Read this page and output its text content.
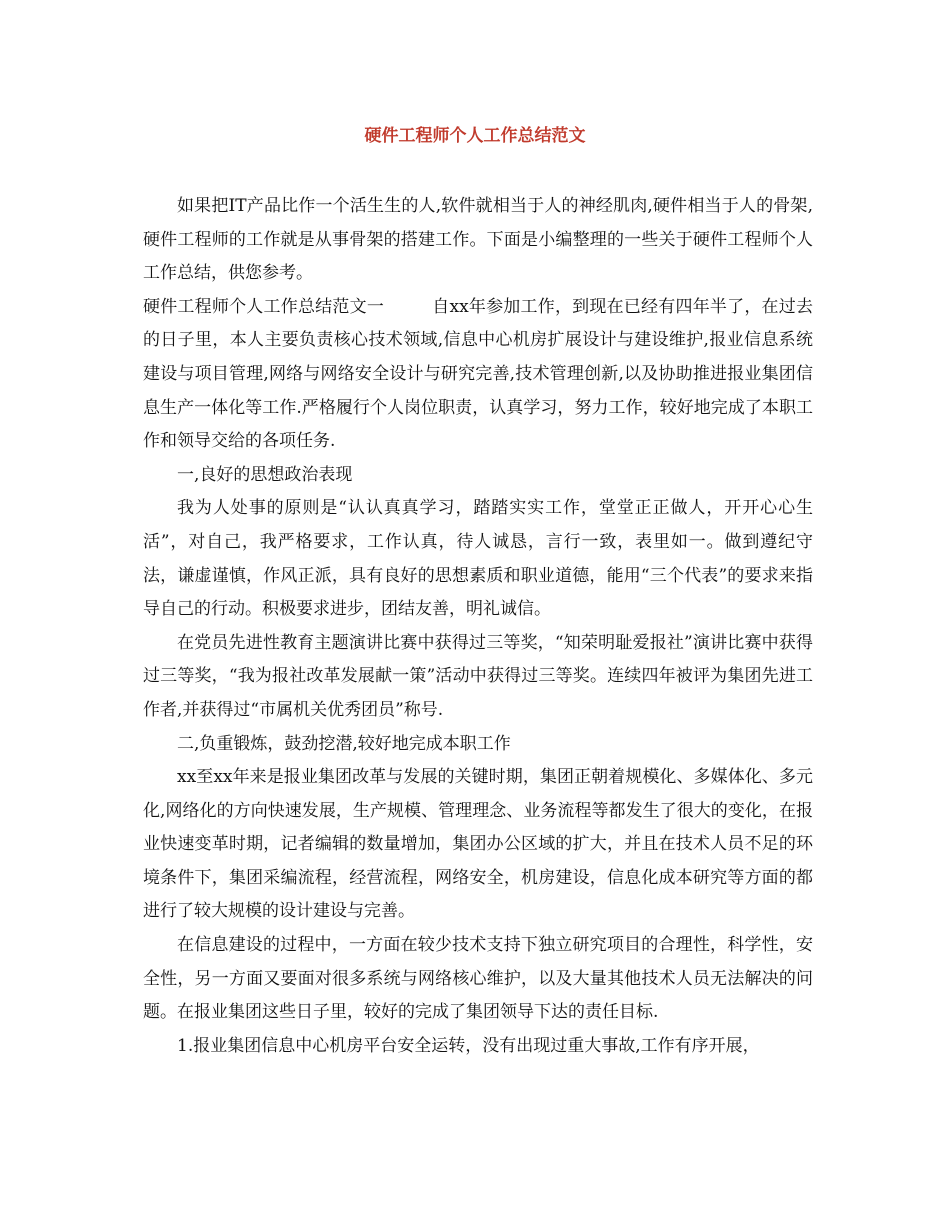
硬件工程师个人工作总结范文

如果把IT产品比作一个活生生的人,软件就相当于人的神经肌肉,硬件相当于人的骨架,硬件工程师的工作就是从事骨架的搭建工作。下面是小编整理的一些关于硬件工程师个人工作总结，供您参考。

硬件工程师个人工作总结范文一	自xx年参加工作，到现在已经有四年半了，在过去的日子里，本人主要负责核心技术领域,信息中心机房扩展设计与建设维护,报业信息系统建设与项目管理,网络与网络安全设计与研究完善,技术管理创新,以及协助推进报业集团信息生产一体化等工作.严格履行个人岗位职责，认真学习，努力工作，较好地完成了本职工作和领导交给的各项任务.

一,良好的思想政治表现

我为人处事的原则是“认认真真学习，踏踏实实工作，堂堂正正做人，开开心心生活”，对自己，我严格要求，工作认真，待人诚恳，言行一致，表里如一。做到遵纪守法，谦虚谨慎，作风正派，具有良好的思想素质和职业道德，能用“三个代表”的要求来指导自己的行动。积极要求进步，团结友善，明礼诚信。

在党员先进性教育主题演讲比赛中获得过三等奖，“知荣明耻爱报社”演讲比赛中获得过三等奖，“我为报社改革发展献一策”活动中获得过三等奖。连续四年被评为集团先进工作者,并获得过“市属机关优秀团员”称号.

二,负重锻炼，鼓劲挖潜,较好地完成本职工作

xx至xx年来是报业集团改革与发展的关键时期，集团正朝着规模化、多媒体化、多元化,网络化的方向快速发展，生产规模、管理理念、业务流程等都发生了很大的变化，在报业快速变革时期，记者编辑的数量增加，集团办公区域的扩大，并且在技术人员不足的环境条件下，集团采编流程，经营流程，网络安全，机房建设，信息化成本研究等方面的都进行了较大规模的设计建设与完善。

在信息建设的过程中，一方面在较少技术支持下独立研究项目的合理性，科学性，安全性，另一方面又要面对很多系统与网络核心维护，以及大量其他技术人员无法解决的问题。在报业集团这些日子里，较好的完成了集团领导下达的责任目标.

1.报业集团信息中心机房平台安全运转，没有出现过重大事故,工作有序开展，
